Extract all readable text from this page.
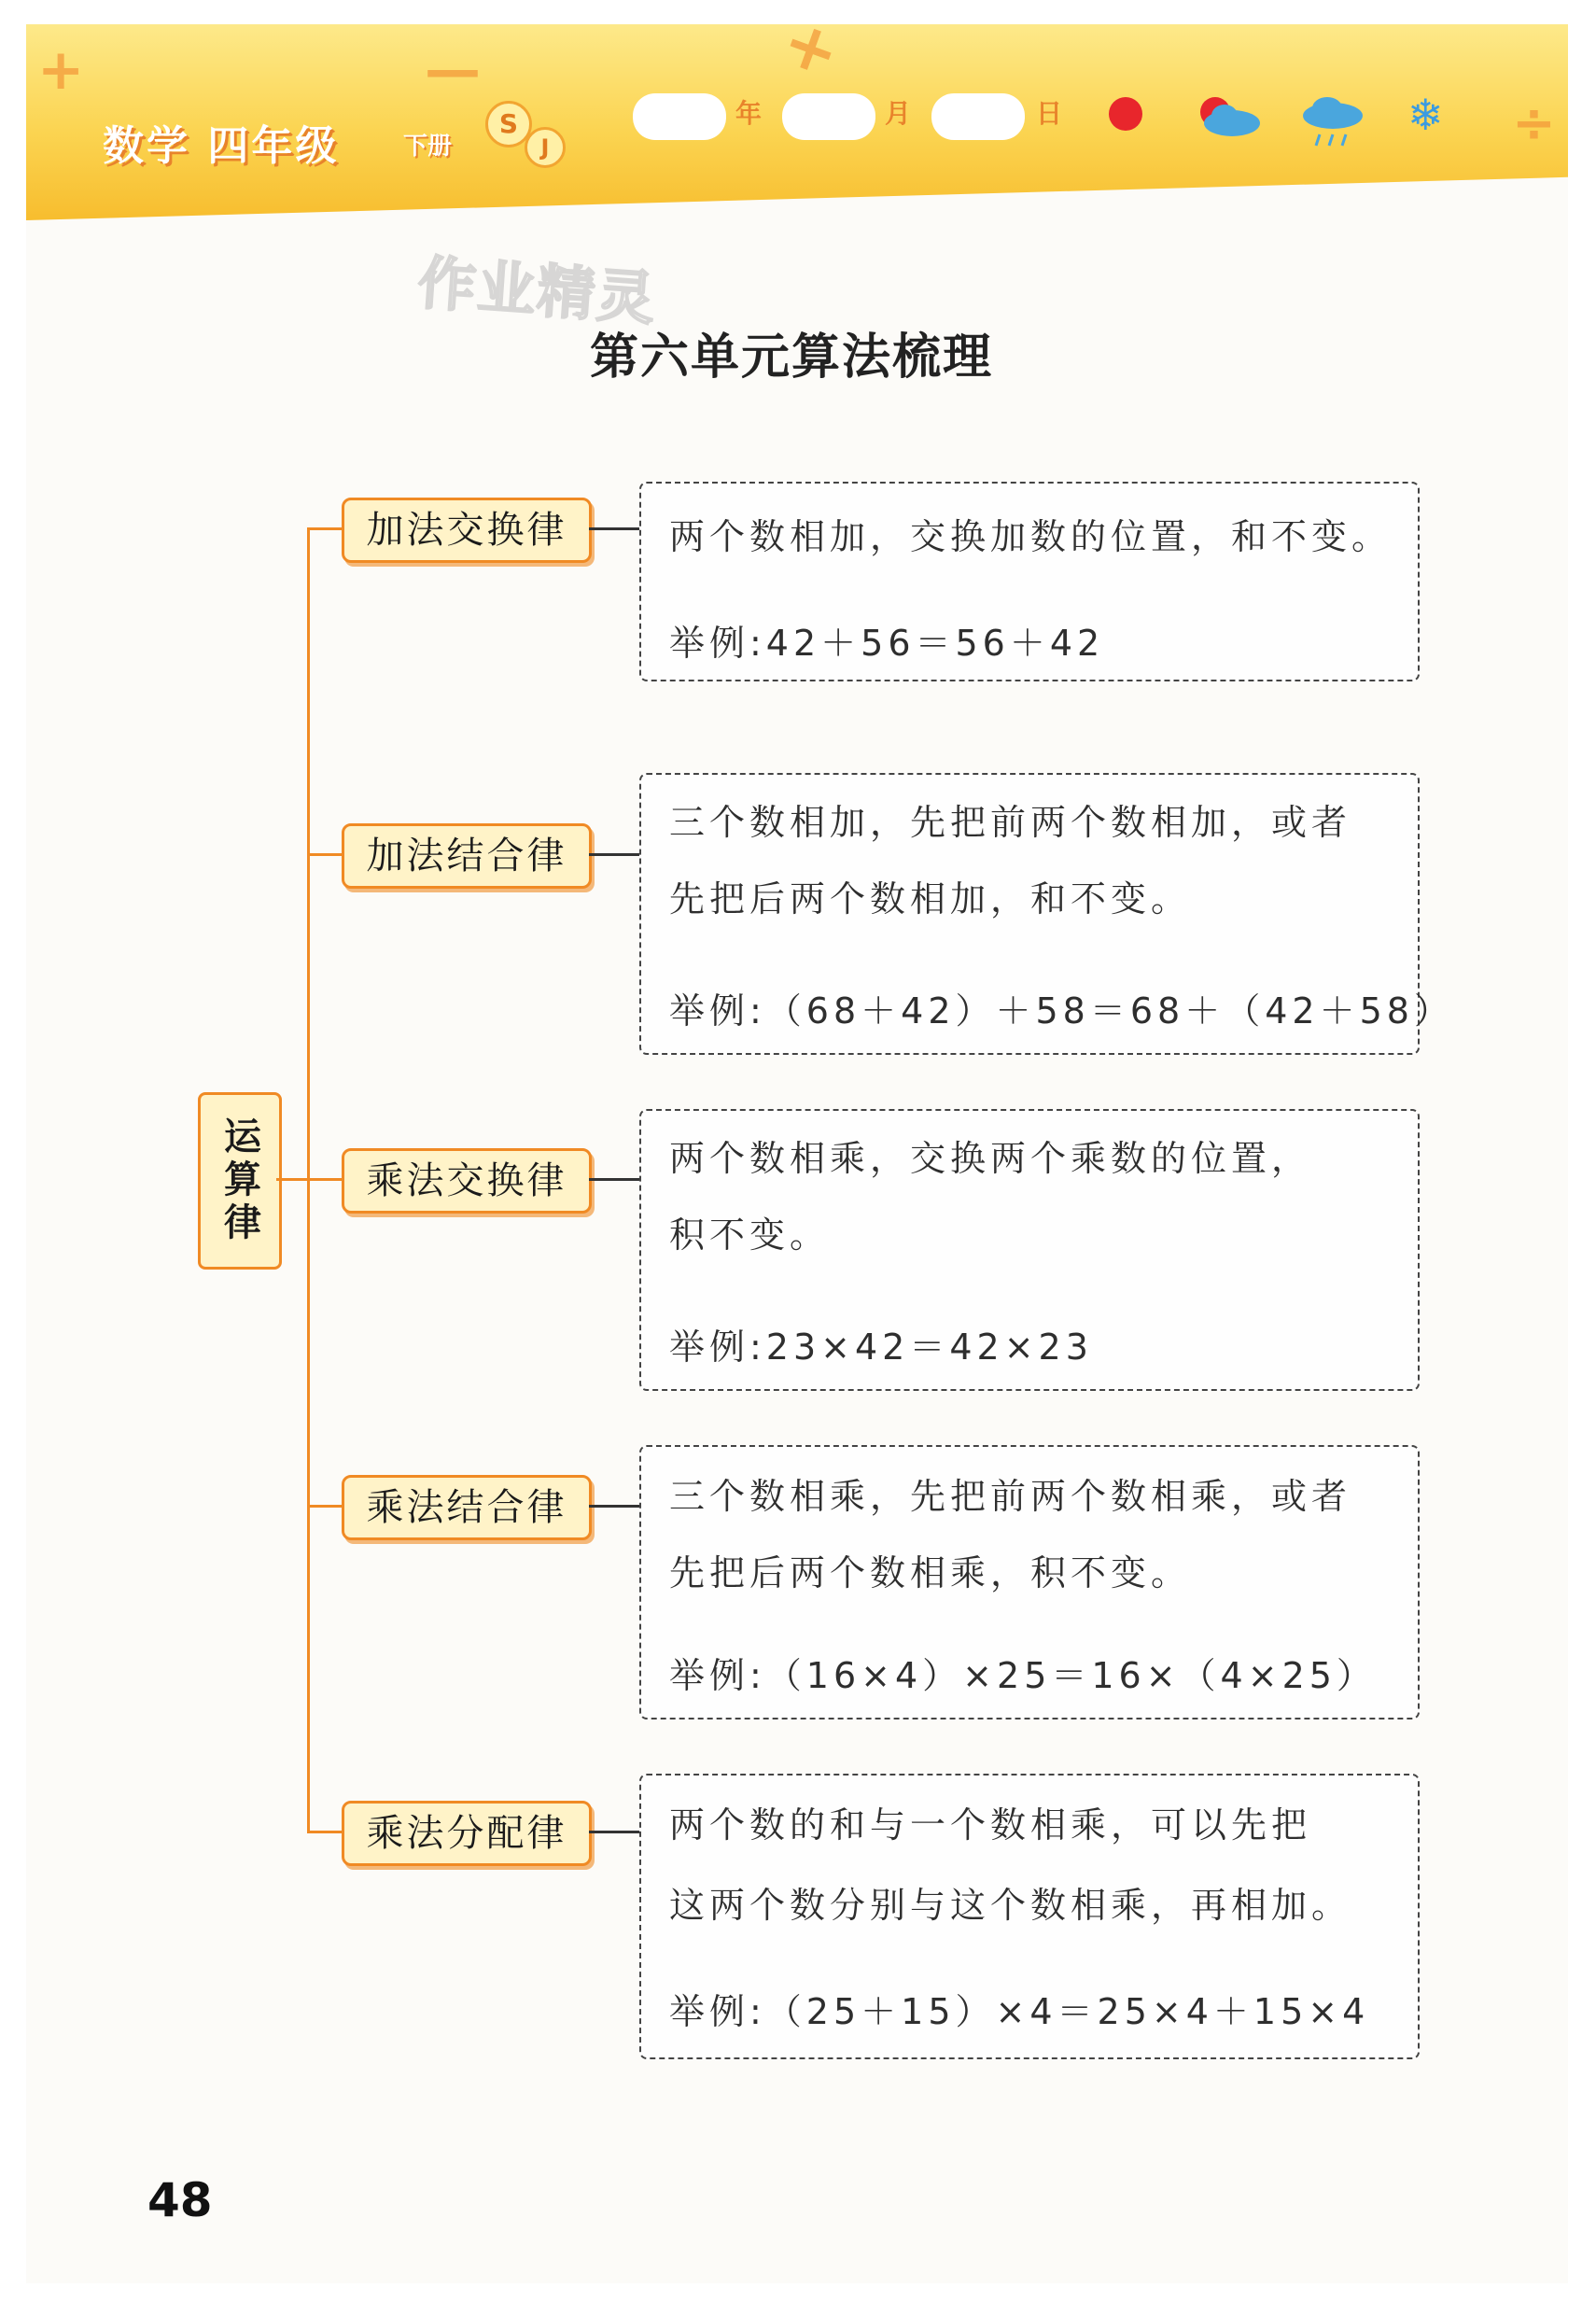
+	—	+
÷
数学 四年级	下册
S
J
年	月	日	❄
作业精灵
第六单元算法梳理
运算律
加法交换律	两个数相加，交换加数的位置，和不变。
举例:42＋56＝56＋42
加法结合律
三个数相加，先把前两个数相加，或者
先把后两个数相加，和不变。
举例:（68＋42）＋58＝68＋（42＋58）
乘法交换律
两个数相乘，交换两个乘数的位置，
积不变。
举例:23×42＝42×23
乘法结合律	三个数相乘，先把前两个数相乘，或者
先把后两个数相乘，积不变。
举例:（16×4）×25＝16×（4×25）
乘法分配律	两个数的和与一个数相乘，可以先把
这两个数分别与这个数相乘，再相加。
举例:（25＋15）×4＝25×4＋15×4
48
